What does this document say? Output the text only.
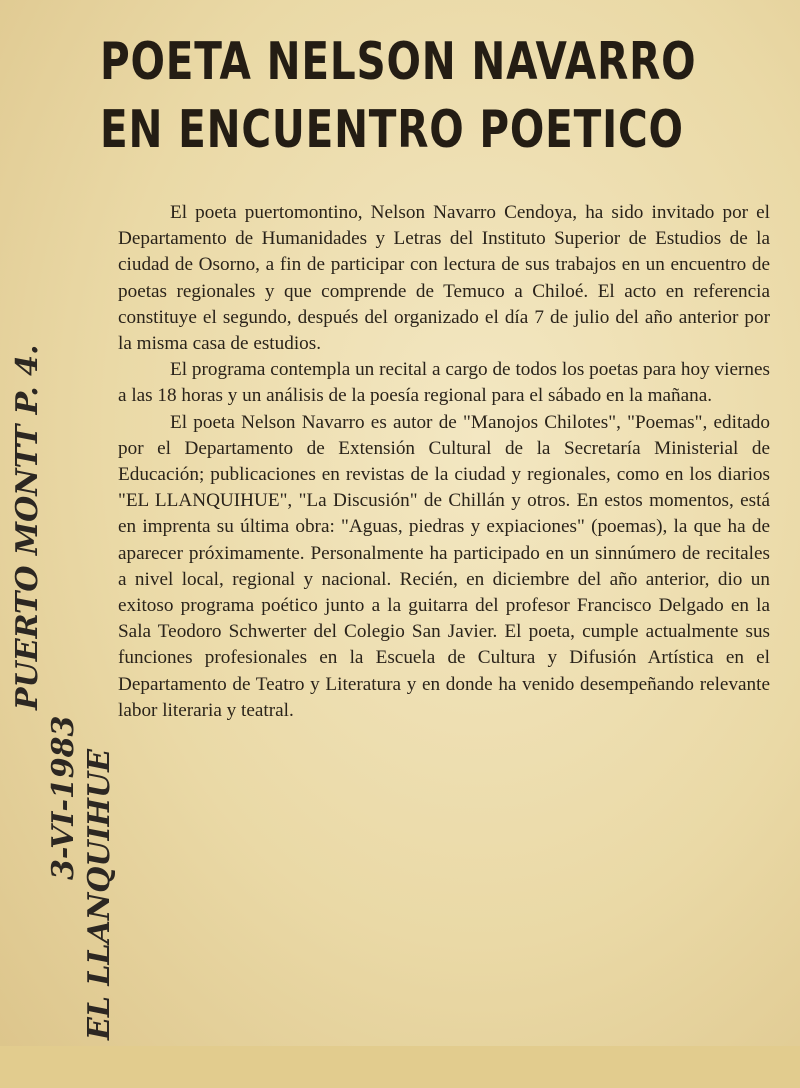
POETA NELSON NAVARRO
EN ENCUENTRO POETICO
PUERTO MONTT P. 4.
3-VI-1983 EL LLANQUIHUE

El poeta puertomontino, Nelson Navarro Cendoya, ha sido invitado por el Departamento de Humanidades y Letras del Instituto Superior de Estudios de la ciudad de Osorno, a fin de participar con lectura de sus trabajos en un encuentro de poetas regionales y que comprende de Temuco a Chiloé. El acto en referencia constituye el segundo, después del organizado el día 7 de julio del año anterior por la misma casa de estudios.

El programa contempla un recital a cargo de todos los poetas para hoy viernes a las 18 horas y un análisis de la poesía regional para el sábado en la mañana.

El poeta Nelson Navarro es autor de "Manojos Chilotes", "Poemas", editado por el Departamento de Extensión Cultural de la Secretaría Ministerial de Educación; publicaciones en revistas de la ciudad y regionales, como en los diarios "EL LLANQUIHUE", "La Discusión" de Chillán y otros. En estos momentos, está en imprenta su última obra: "Aguas, piedras y expiaciones" (poemas), la que ha de aparecer próximamente. Personalmente ha participado en un sinnúmero de recitales a nivel local, regional y nacional. Recién, en diciembre del año anterior, dio un exitoso programa poético junto a la guitarra del profesor Francisco Delgado en la Sala Teodoro Schwerter del Colegio San Javier. El poeta, cumple actualmente sus funciones profesionales en la Escuela de Cultura y Difusión Artística en el Departamento de Teatro y Literatura y en donde ha venido desempeñando relevante labor literaria y teatral.
